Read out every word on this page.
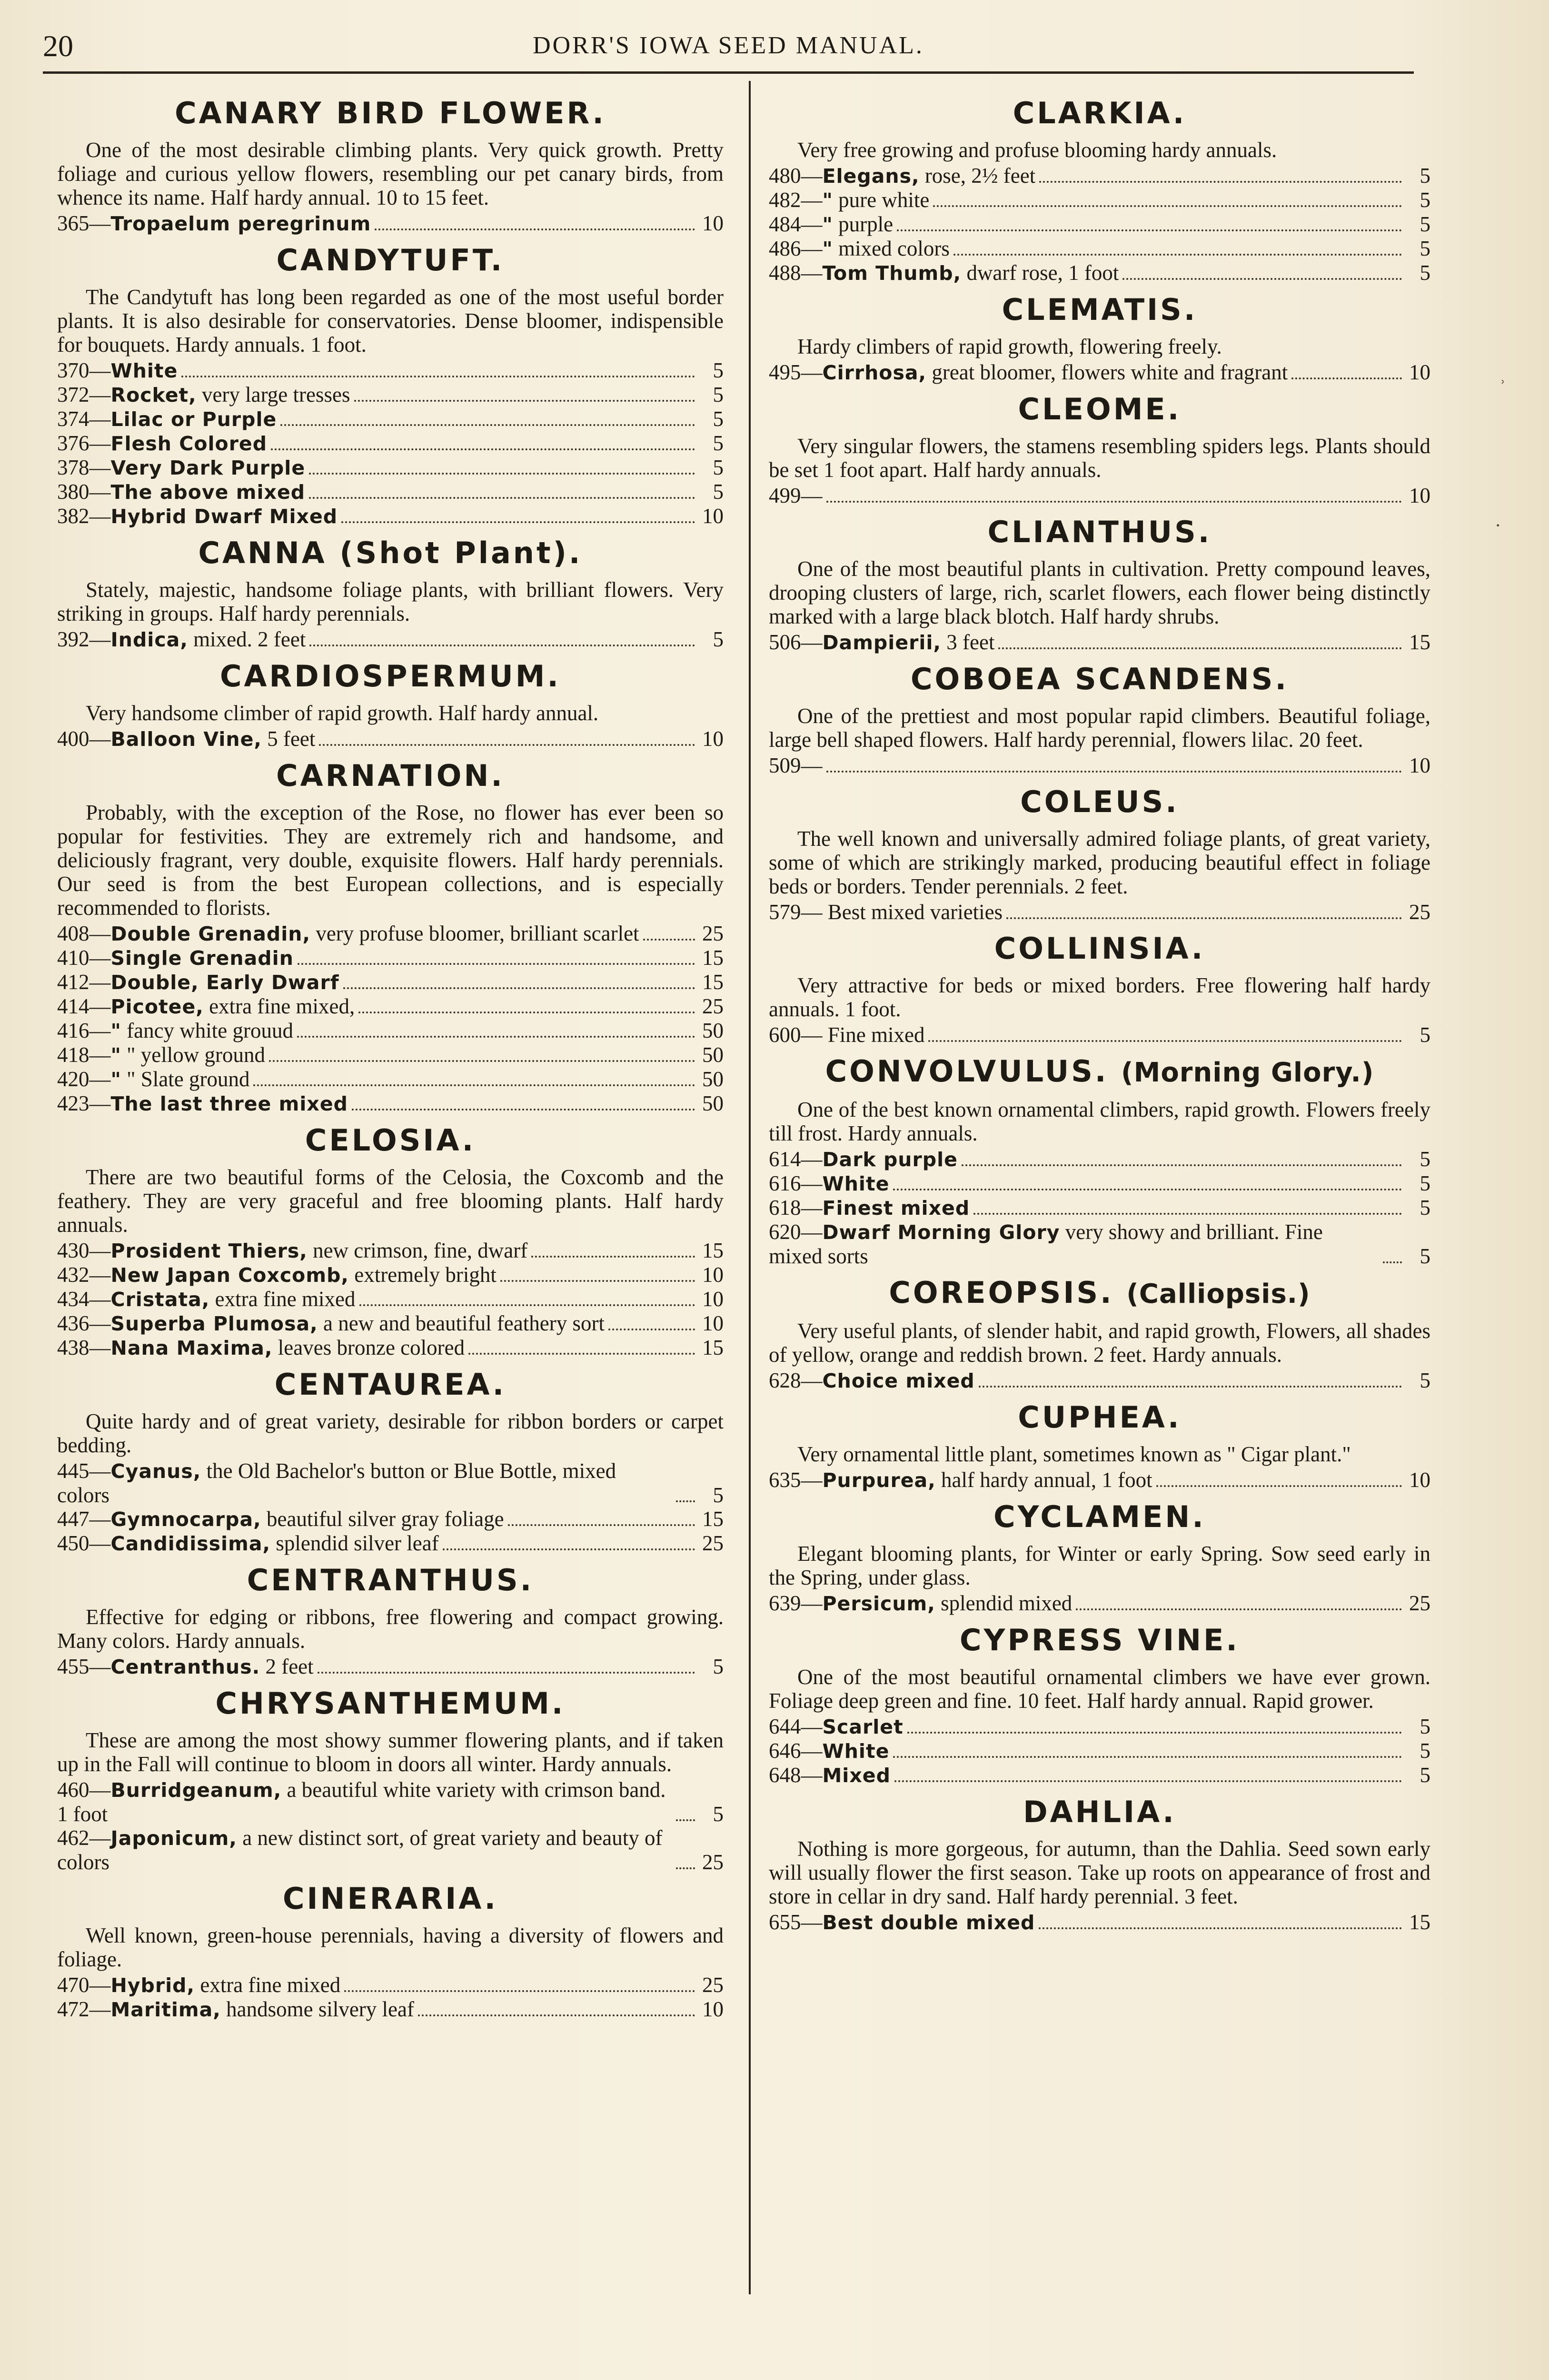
20	DORR'S IOWA SEED MANUAL.
CANARY BIRD FLOWER.

One of the most desirable climbing plants. Very quick growth. Pretty foliage and curious yellow flowers, resembling our pet canary birds, from whence its name. Half hardy annual. 10 to 15 feet.

365—Tropaelum peregrinum	10
CANDYTUFT.

The Candytuft has long been regarded as one of the most useful border plants. It is also desirable for conservatories. Dense bloomer, indispensible for bouquets. Hardy annuals. 1 foot.

370—White	5
372—Rocket, very large tresses	5
374—Lilac or Purple	5
376—Flesh Colored	5
378—Very Dark Purple	5
380—The above mixed	5
382—Hybrid Dwarf Mixed	10
CANNA (Shot Plant).

Stately, majestic, handsome foliage plants, with brilliant flowers. Very striking in groups. Half hardy perennials.

392—Indica, mixed. 2 feet	5
CARDIOSPERMUM.

Very handsome climber of rapid growth. Half hardy annual.

400—Balloon Vine, 5 feet	10
CARNATION.

Probably, with the exception of the Rose, no flower has ever been so popular for festivities. They are extremely rich and handsome, and deliciously fragrant, very double, exquisite flowers. Half hardy perennials. Our seed is from the best European collections, and is especially recommended to florists.

408—Double Grenadin, very profuse bloomer, brilliant scarlet	25
410—Single Grenadin	15
412—Double, Early Dwarf	15
414—Picotee, extra fine mixed,	25
416—" fancy white grouud	50
418—" " yellow ground	50
420—" " Slate ground	50
423—The last three mixed	50
CELOSIA.

There are two beautiful forms of the Celosia, the Coxcomb and the feathery. They are very graceful and free blooming plants. Half hardy annuals.

430—Prosident Thiers, new crimson, fine, dwarf	15
432—New Japan Coxcomb, extremely bright	10
434—Cristata, extra fine mixed	10
436—Superba Plumosa, a new and beautiful feathery sort	10
438—Nana Maxima, leaves bronze colored	15
CENTAUREA.

Quite hardy and of great variety, desirable for ribbon borders or carpet bedding.

445—Cyanus, the Old Bachelor's button or Blue Bottle, mixed colors	5
447—Gymnocarpa, beautiful silver gray foliage	15
450—Candidissima, splendid silver leaf	25
CENTRANTHUS.

Effective for edging or ribbons, free flowering and compact growing. Many colors. Hardy annuals.

455—Centranthus. 2 feet	5
CHRYSANTHEMUM.

These are among the most showy summer flowering plants, and if taken up in the Fall will continue to bloom in doors all winter. Hardy annuals.

460—Burridgeanum, a beautiful white variety with crimson band. 1 foot	5
462—Japonicum, a new distinct sort, of great variety and beauty of colors	25
CINERARIA.

Well known, green-house perennials, having a diversity of flowers and foliage.

470—Hybrid, extra fine mixed	25
472—Maritima, handsome silvery leaf	10
CLARKIA.

Very free growing and profuse blooming hardy annuals.

480—Elegans, rose, 2½ feet	5
482—" pure white	5
484—" purple	5
486—" mixed colors	5
488—Tom Thumb, dwarf rose, 1 foot	5
CLEMATIS.

Hardy climbers of rapid growth, flowering freely.

495—Cirrhosa, great bloomer, flowers white and fragrant	10
CLEOME.

Very singular flowers, the stamens resembling spiders legs. Plants should be set 1 foot apart. Half hardy annuals.

499—	10
CLIANTHUS.

One of the most beautiful plants in cultivation. Pretty compound leaves, drooping clusters of large, rich, scarlet flowers, each flower being distinctly marked with a large black blotch. Half hardy shrubs.

506—Dampierii, 3 feet	15
COBOEA SCANDENS.

One of the prettiest and most popular rapid climbers. Beautiful foliage, large bell shaped flowers. Half hardy perennial, flowers lilac. 20 feet.

509—	10
COLEUS.

The well known and universally admired foliage plants, of great variety, some of which are strikingly marked, producing beautiful effect in foliage beds or borders. Tender perennials. 2 feet.

579— Best mixed varieties	25
COLLINSIA.

Very attractive for beds or mixed borders. Free flowering half hardy annuals. 1 foot.

600— Fine mixed	5
CONVOLVULUS. (Morning Glory.)

One of the best known ornamental climbers, rapid growth. Flowers freely till frost. Hardy annuals.

614—Dark purple	5
616—White	5
618—Finest mixed	5
620—Dwarf Morning Glory very showy and brilliant. Fine mixed sorts	5
COREOPSIS. (Calliopsis.)

Very useful plants, of slender habit, and rapid growth, Flowers, all shades of yellow, orange and reddish brown. 2 feet. Hardy annuals.

628—Choice mixed	5
CUPHEA.

Very ornamental little plant, sometimes known as " Cigar plant."

635—Purpurea, half hardy annual, 1 foot	10
CYCLAMEN.

Elegant blooming plants, for Winter or early Spring. Sow seed early in the Spring, under glass.

639—Persicum, splendid mixed	25
CYPRESS VINE.

One of the most beautiful ornamental climbers we have ever grown. Foliage deep green and fine. 10 feet. Half hardy annual. Rapid grower.

644—Scarlet	5
646—White	5
648—Mixed	5
DAHLIA.

Nothing is more gorgeous, for autumn, than the Dahlia. Seed sown early will usually flower the first season. Take up roots on appearance of frost and store in cellar in dry sand. Half hardy perennial. 3 feet.

655—Best double mixed	15
ʾ
·
